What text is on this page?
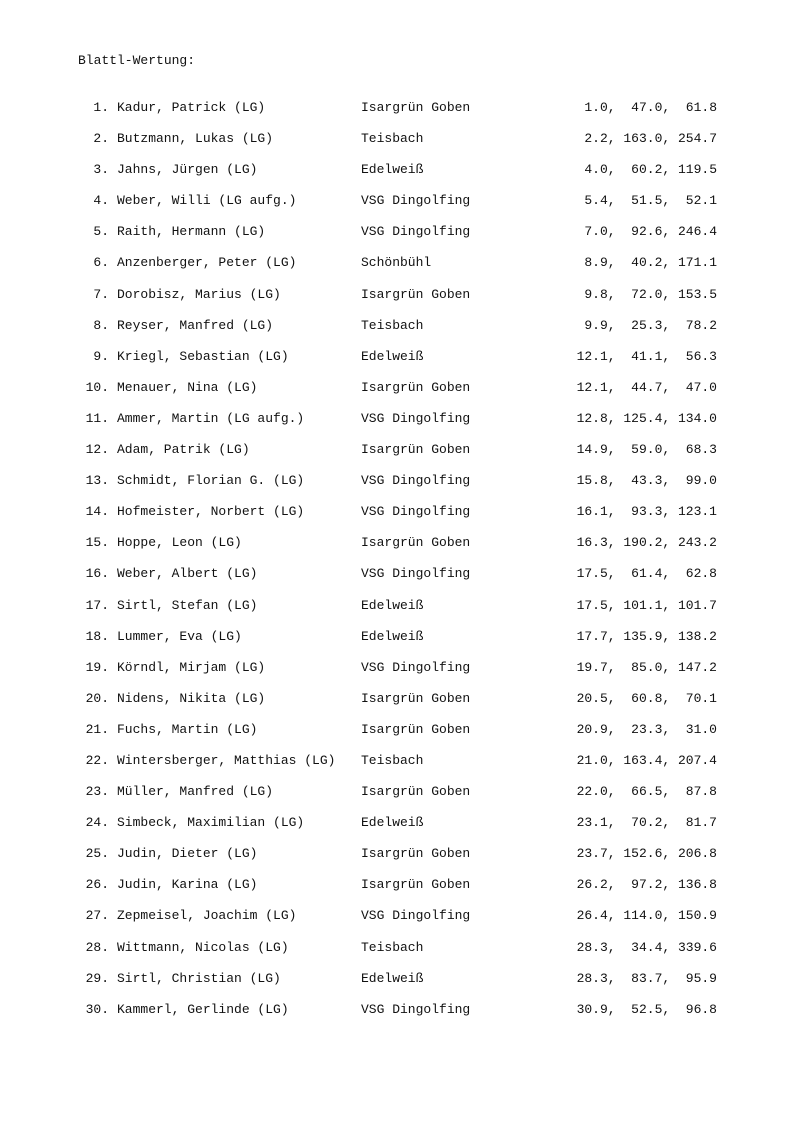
Blattl-Wertung:
1. Kadur, Patrick (LG)	Isargrün Goben	1.0,  47.0,  61.8
2. Butzmann, Lukas (LG)	Teisbach	2.2, 163.0, 254.7
3. Jahns, Jürgen (LG)	Edelweiß	4.0,  60.2, 119.5
4. Weber, Willi (LG aufg.)	VSG Dingolfing	5.4,  51.5,  52.1
5. Raith, Hermann (LG)	VSG Dingolfing	7.0,  92.6, 246.4
6. Anzenberger, Peter (LG)	Schönbühl	8.9,  40.2, 171.1
7. Dorobisz, Marius (LG)	Isargrün Goben	9.8,  72.0, 153.5
8. Reyser, Manfred (LG)	Teisbach	9.9,  25.3,  78.2
9. Kriegl, Sebastian (LG)	Edelweiß	12.1,  41.1,  56.3
10. Menauer, Nina (LG)	Isargrün Goben	12.1,  44.7,  47.0
11. Ammer, Martin (LG aufg.)	VSG Dingolfing	12.8, 125.4, 134.0
12. Adam, Patrik (LG)	Isargrün Goben	14.9,  59.0,  68.3
13. Schmidt, Florian G. (LG)	VSG Dingolfing	15.8,  43.3,  99.0
14. Hofmeister, Norbert (LG)	VSG Dingolfing	16.1,  93.3, 123.1
15. Hoppe, Leon (LG)	Isargrün Goben	16.3, 190.2, 243.2
16. Weber, Albert (LG)	VSG Dingolfing	17.5,  61.4,  62.8
17. Sirtl, Stefan (LG)	Edelweiß	17.5, 101.1, 101.7
18. Lummer, Eva (LG)	Edelweiß	17.7, 135.9, 138.2
19. Körndl, Mirjam (LG)	VSG Dingolfing	19.7,  85.0, 147.2
20. Nidens, Nikita (LG)	Isargrün Goben	20.5,  60.8,  70.1
21. Fuchs, Martin (LG)	Isargrün Goben	20.9,  23.3,  31.0
22. Wintersberger, Matthias (LG) Teisbach	21.0, 163.4, 207.4
23. Müller, Manfred (LG)	Isargrün Goben	22.0,  66.5,  87.8
24. Simbeck, Maximilian (LG)	Edelweiß	23.1,  70.2,  81.7
25. Judin, Dieter (LG)	Isargrün Goben	23.7, 152.6, 206.8
26. Judin, Karina (LG)	Isargrün Goben	26.2,  97.2, 136.8
27. Zepmeisel, Joachim (LG)	VSG Dingolfing	26.4, 114.0, 150.9
28. Wittmann, Nicolas (LG)	Teisbach	28.3,  34.4, 339.6
29. Sirtl, Christian (LG)	Edelweiß	28.3,  83.7,  95.9
30. Kammerl, Gerlinde (LG)	VSG Dingolfing	30.9,  52.5,  96.8
